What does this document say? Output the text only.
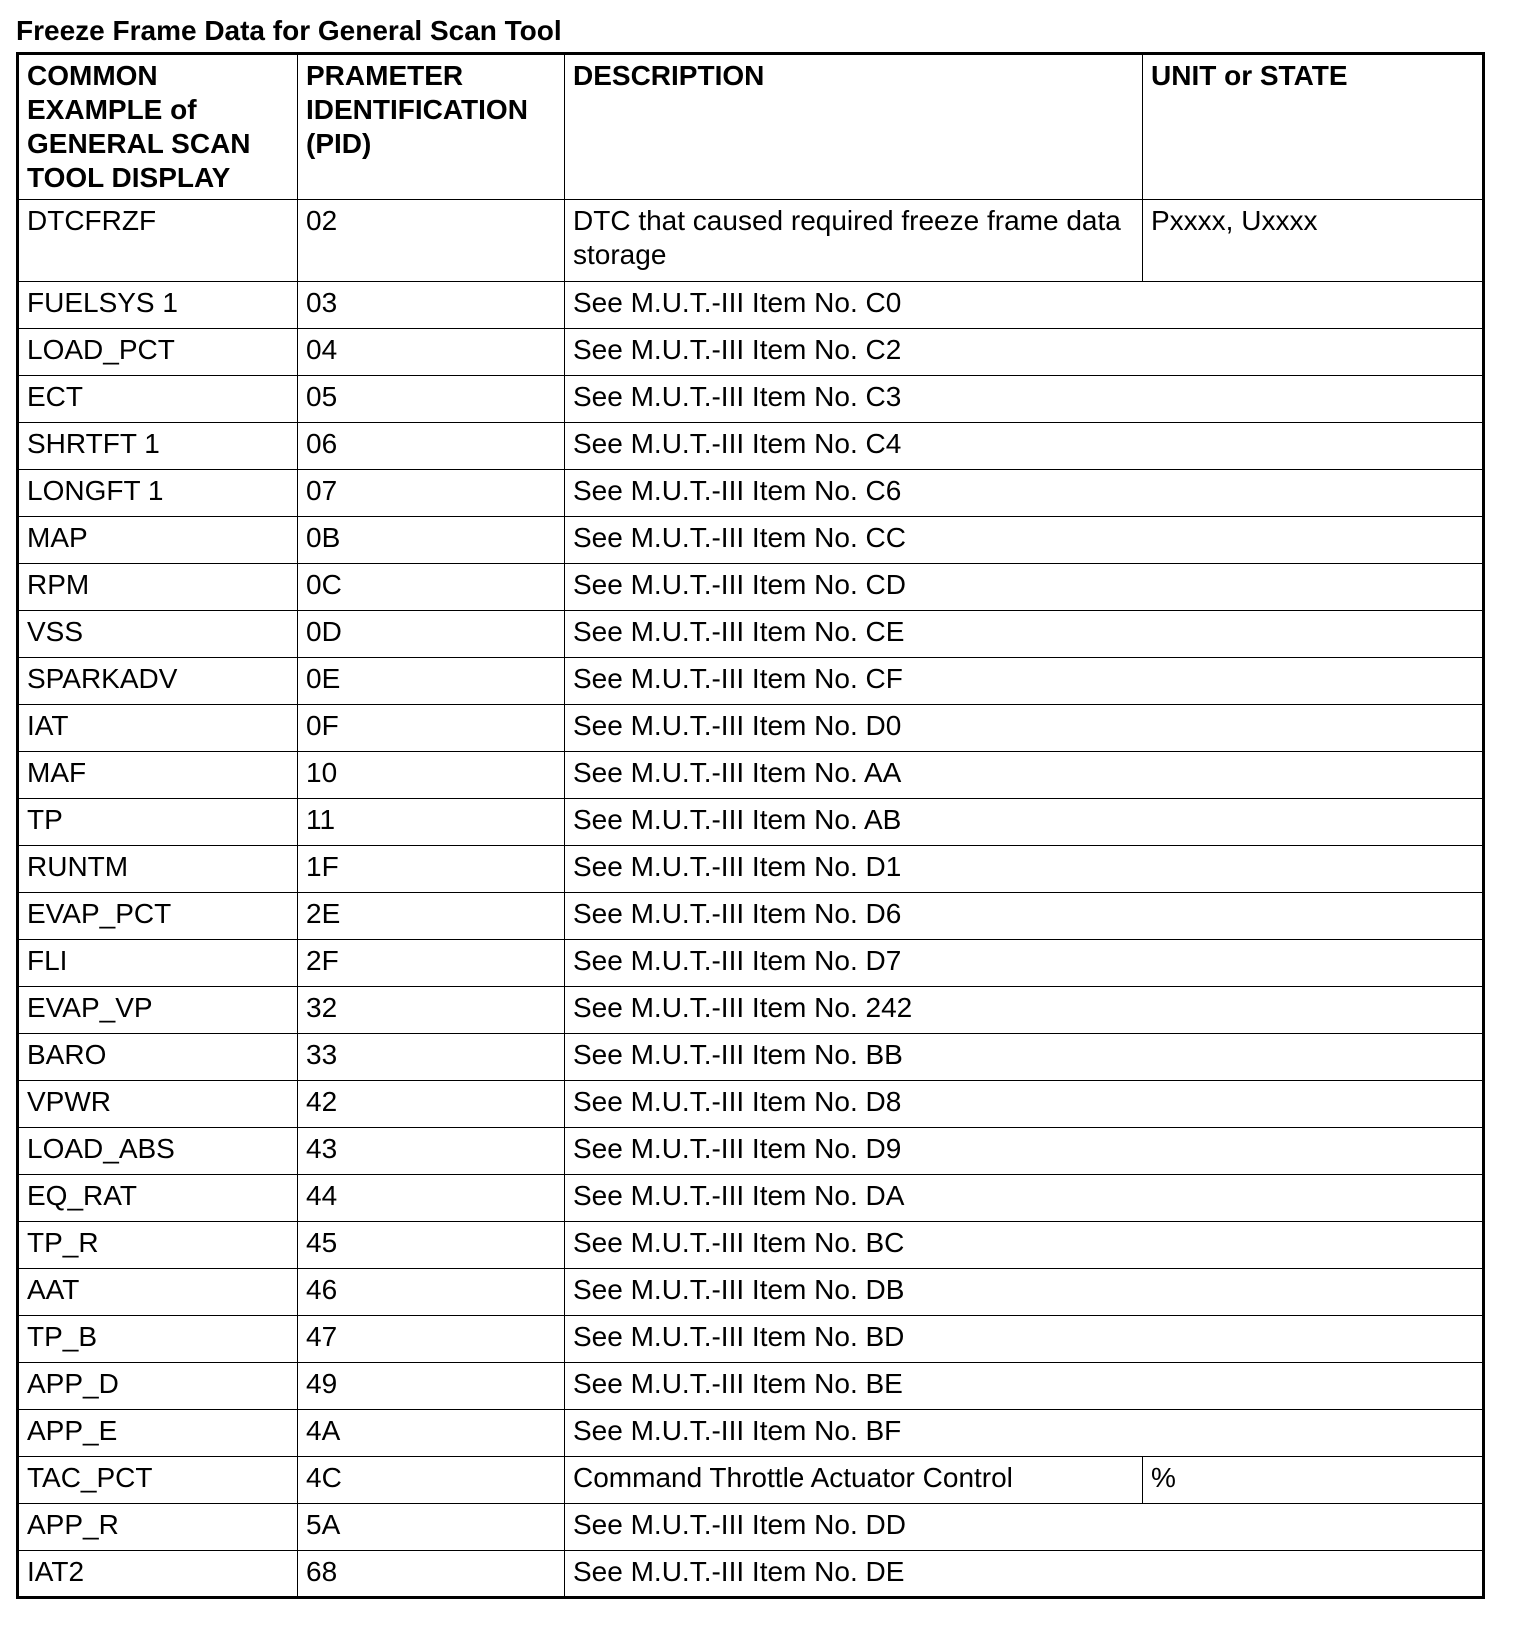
Freeze Frame Data for General Scan Tool
COMMON EXAMPLE of GENERAL SCAN TOOL DISPLAY	PRAMETER IDENTIFICATION (PID)	DESCRIPTION	UNIT or STATE
DTCFRZF	02	DTC that caused required freeze frame data storage	Pxxxx, Uxxxx
FUELSYS 1	03	See M.U.T.-III Item No. C0	
LOAD_PCT	04	See M.U.T.-III Item No. C2	
ECT	05	See M.U.T.-III Item No. C3	
SHRTFT 1	06	See M.U.T.-III Item No. C4	
LONGFT 1	07	See M.U.T.-III Item No. C6	
MAP	0B	See M.U.T.-III Item No. CC	
RPM	0C	See M.U.T.-III Item No. CD	
VSS	0D	See M.U.T.-III Item No. CE	
SPARKADV	0E	See M.U.T.-III Item No. CF	
IAT	0F	See M.U.T.-III Item No. D0	
MAF	10	See M.U.T.-III Item No. AA	
TP	11	See M.U.T.-III Item No. AB	
RUNTM	1F	See M.U.T.-III Item No. D1	
EVAP_PCT	2E	See M.U.T.-III Item No. D6	
FLI	2F	See M.U.T.-III Item No. D7	
EVAP_VP	32	See M.U.T.-III Item No. 242	
BARO	33	See M.U.T.-III Item No. BB	
VPWR	42	See M.U.T.-III Item No. D8	
LOAD_ABS	43	See M.U.T.-III Item No. D9	
EQ_RAT	44	See M.U.T.-III Item No. DA	
TP_R	45	See M.U.T.-III Item No. BC	
AAT	46	See M.U.T.-III Item No. DB	
TP_B	47	See M.U.T.-III Item No. BD	
APP_D	49	See M.U.T.-III Item No. BE	
APP_E	4A	See M.U.T.-III Item No. BF	
TAC_PCT	4C	Command Throttle Actuator Control	%
APP_R	5A	See M.U.T.-III Item No. DD	
IAT2	68	See M.U.T.-III Item No. DE	
